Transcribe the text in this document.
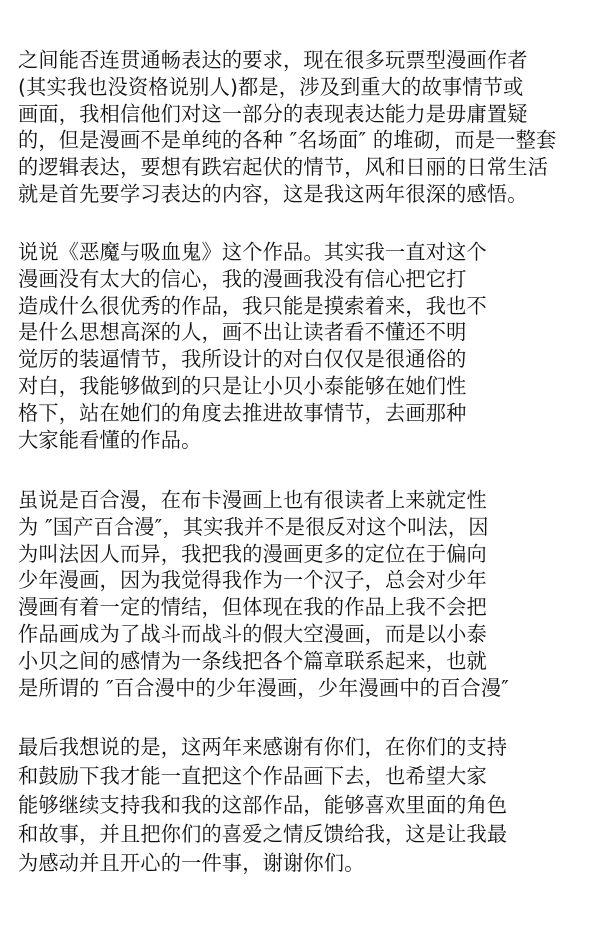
之间能否连贯通畅表达的要求，现在很多玩票型漫画作者
(其实我也没资格说别人)都是，涉及到重大的故事情节或
画面，我相信他们对这一部分的表现表达能力是毋庸置疑
的，但是漫画不是单纯的各种 ″名场面″ 的堆砌，而是一整套
的逻辑表达，要想有跌宕起伏的情节，风和日丽的日常生活
就是首先要学习表达的内容，这是我这两年很深的感悟。
说说《恶魔与吸血鬼》这个作品。其实我一直对这个
漫画没有太大的信心，我的漫画我没有信心把它打
造成什么很优秀的作品，我只能是摸索着来，我也不
是什么思想高深的人，画不出让读者看不懂还不明
觉厉的装逼情节，我所设计的对白仅仅是很通俗的
对白，我能够做到的只是让小贝小泰能够在她们性
格下，站在她们的角度去推进故事情节，去画那种
大家能看懂的作品。
虽说是百合漫，在布卡漫画上也有很读者上来就定性
为 ″国产百合漫″，其实我并不是很反对这个叫法，因
为叫法因人而异，我把我的漫画更多的定位在于偏向
少年漫画，因为我觉得我作为一个汉子，总会对少年
漫画有着一定的情结，但体现在我的作品上我不会把
作品画成为了战斗而战斗的假大空漫画，而是以小泰
小贝之间的感情为一条线把各个篇章联系起来，也就
是所谓的 ″百合漫中的少年漫画，少年漫画中的百合漫″
最后我想说的是，这两年来感谢有你们，在你们的支持
和鼓励下我才能一直把这个作品画下去，也希望大家
能够继续支持我和我的这部作品，能够喜欢里面的角色
和故事，并且把你们的喜爱之情反馈给我，这是让我最
为感动并且开心的一件事，谢谢你们。
